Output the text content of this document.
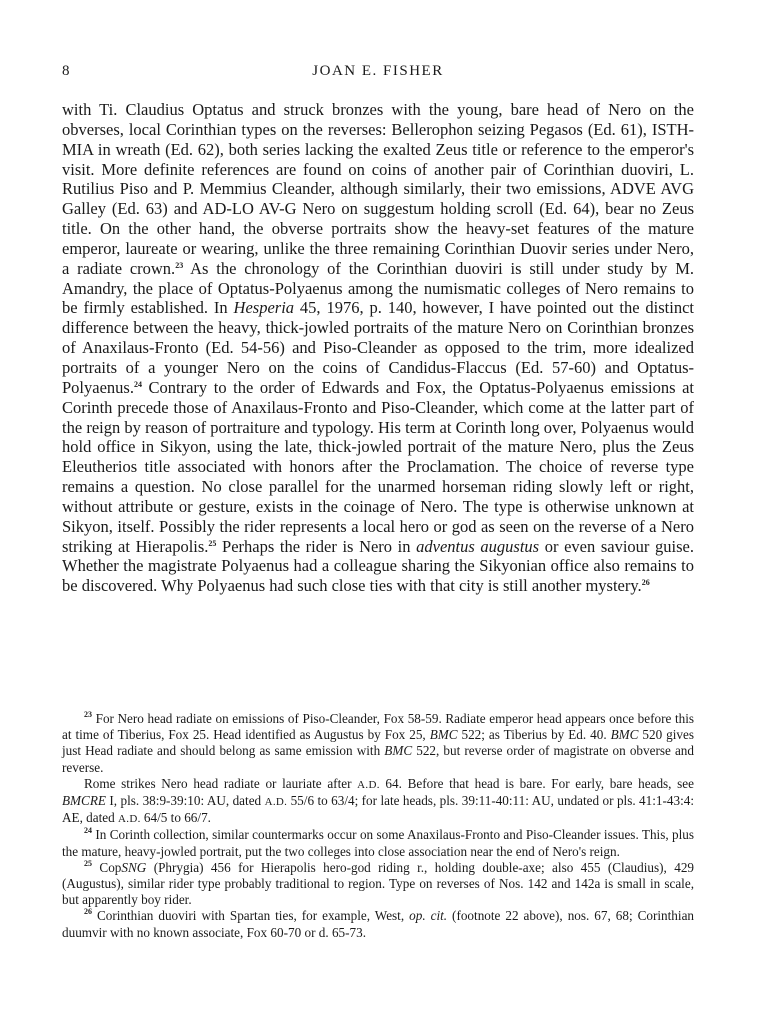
8	JOAN E. FISHER

with Ti. Claudius Optatus and struck bronzes with the young, bare head of Nero on the obverses, local Corinthian types on the reverses: Bellerophon seizing Pegasos (Ed. 61), ISTH-MIA in wreath (Ed. 62), both series lacking the exalted Zeus title or reference to the emperor's visit. More definite references are found on coins of another pair of Corinthian duoviri, L. Rutilius Piso and P. Memmius Cleander, although similarly, their two emissions, ADVE AVG Galley (Ed. 63) and AD-LO AV-G Nero on suggestum holding scroll (Ed. 64), bear no Zeus title. On the other hand, the obverse portraits show the heavy-set features of the mature emperor, laureate or wearing, unlike the three remaining Corinthian Duovir series under Nero, a radiate crown.$^{23}$ As the chronology of the Corinthian duoviri is still under study by M. Amandry, the place of Optatus-Polyaenus among the numismatic colleges of Nero remains to be firmly established. In Hesperia 45, 1976, p. 140, however, I have pointed out the distinct difference between the heavy, thick-jowled portraits of the mature Nero on Corinthian bronzes of Anaxilaus-Fronto (Ed. 54-56) and Piso-Cleander as opposed to the trim, more idealized portraits of a younger Nero on the coins of Candidus-Flaccus (Ed. 57-60) and Optatus-Polyaenus.$^{24}$ Contrary to the order of Edwards and Fox, the Optatus-Polyaenus emissions at Corinth precede those of Anaxilaus-Fronto and Piso-Cleander, which come at the latter part of the reign by reason of portraiture and typology. His term at Corinth long over, Polyaenus would hold office in Sikyon, using the late, thick-jowled portrait of the mature Nero, plus the Zeus Eleutherios title associated with honors after the Proclamation. The choice of reverse type remains a question. No close parallel for the unarmed horseman riding slowly left or right, without attribute or gesture, exists in the coinage of Nero. The type is otherwise unknown at Sikyon, itself. Possibly the rider represents a local hero or god as seen on the reverse of a Nero striking at Hierapolis.$^{25}$ Perhaps the rider is Nero in adventus augustus or even saviour guise. Whether the magistrate Polyaenus had a colleague sharing the Sikyonian office also remains to be discovered. Why Polyaenus had such close ties with that city is still another mystery.$^{26}$

$^{23}$ For Nero head radiate on emissions of Piso-Cleander, Fox 58-59. Radiate emperor head appears once before this at time of Tiberius, Fox 25. Head identified as Augustus by Fox 25, BMC 522; as Tiberius by Ed. 40. BMC 520 gives just Head radiate and should belong as same emission with BMC 522, but reverse order of magistrate on obverse and reverse.

Rome strikes Nero head radiate or lauriate after A.D. 64. Before that head is bare. For early, bare heads, see BMCRE I, pls. 38:9-39:10: AU, dated A.D. 55/6 to 63/4; for late heads, pls. 39:11-40:11: AU, undated or pls. 41:1-43:4: AE, dated A.D. 64/5 to 66/7.

$^{24}$ In Corinth collection, similar countermarks occur on some Anaxilaus-Fronto and Piso-Cleander issues. This, plus the mature, heavy-jowled portrait, put the two colleges into close association near the end of Nero's reign.

$^{25}$ CopSNG (Phrygia) 456 for Hierapolis hero-god riding r., holding double-axe; also 455 (Claudius), 429 (Augustus), similar rider type probably traditional to region. Type on reverses of Nos. 142 and 142a is small in scale, but apparently boy rider.

$^{26}$ Corinthian duoviri with Spartan ties, for example, West, op. cit. (footnote 22 above), nos. 67, 68; Corinthian duumvir with no known associate, Fox 60-70 or d. 65-73.
